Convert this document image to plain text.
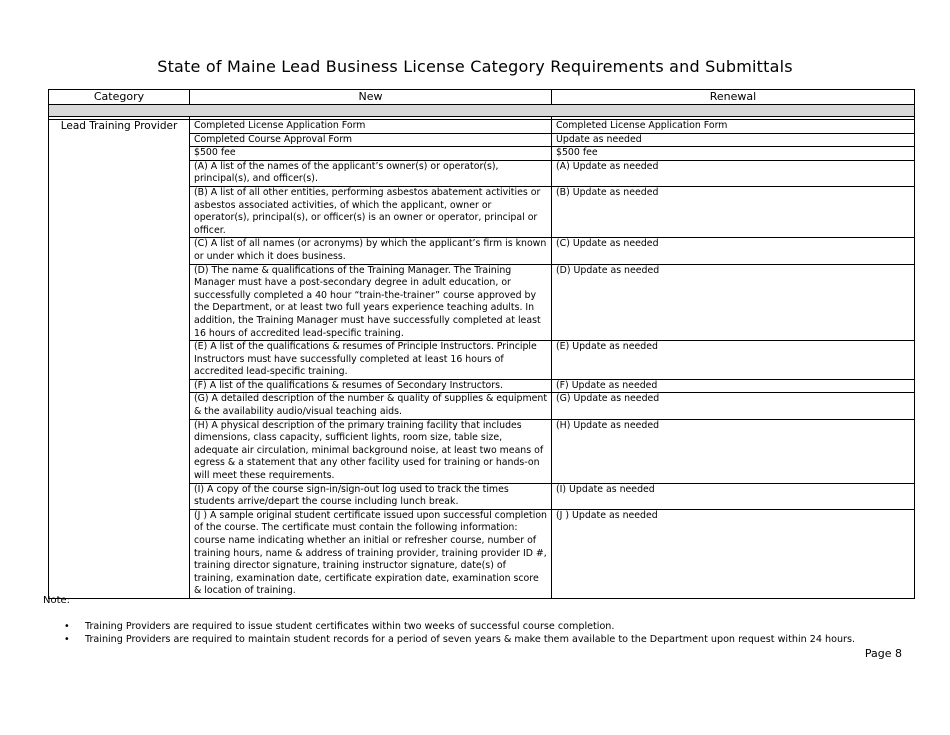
State of Maine Lead Business License Category Requirements and Submittals
Category	New	Renewal

Lead Training Provider	Completed License Application Form	Completed License Application Form
	Completed Course Approval Form	Update as needed
	$500 fee	$500 fee
	(A) A list of the names of the applicant’s owner(s) or operator(s), principal(s), and officer(s).	(A) Update as needed
	(B) A list of all other entities, performing asbestos abatement activities or asbestos associated activities, of which the applicant, owner or operator(s), principal(s), or officer(s) is an owner or operator, principal or officer.	(B) Update as needed
	(C) A list of all names (or acronyms) by which the applicant’s firm is known or under which it does business.	(C) Update as needed
	(D) The name & qualifications of the Training Manager. The Training Manager must have a post-secondary degree in adult education, or successfully completed a 40 hour “train-the-trainer” course approved by the Department, or at least two full years experience teaching adults. In addition, the Training Manager must have successfully completed at least 16 hours of accredited lead-specific training.	(D) Update as needed
	(E) A list of the qualifications & resumes of Principle Instructors. Principle Instructors must have successfully completed at least 16 hours of accredited lead-specific training.	(E) Update as needed
	(F) A list of the qualifications & resumes of Secondary Instructors.	(F) Update as needed
	(G) A detailed description of the number & quality of supplies & equipment & the availability audio/visual teaching aids.	(G) Update as needed
	(H) A physical description of the primary training facility that includes dimensions, class capacity, sufficient lights, room size, table size, adequate air circulation, minimal background noise, at least two means of egress & a statement that any other facility used for training or hands-on will meet these requirements.	(H) Update as needed
	(I) A copy of the course sign-in/sign-out log used to track the times students arrive/depart the course including lunch break.	(I) Update as needed
	(J ) A sample original student certificate issued upon successful completion of the course. The certificate must contain the following information: course name indicating whether an initial or refresher course, number of training hours, name & address of training provider, training provider ID #, training director signature, training instructor signature, date(s) of training, examination date, certificate expiration date, examination score & location of training.	(J ) Update as needed
Note:
• Training Providers are required to issue student certificates within two weeks of successful course completion.
• Training Providers are required to maintain student records for a period of seven years & make them available to the Department upon request within 24 hours.
Page 8
